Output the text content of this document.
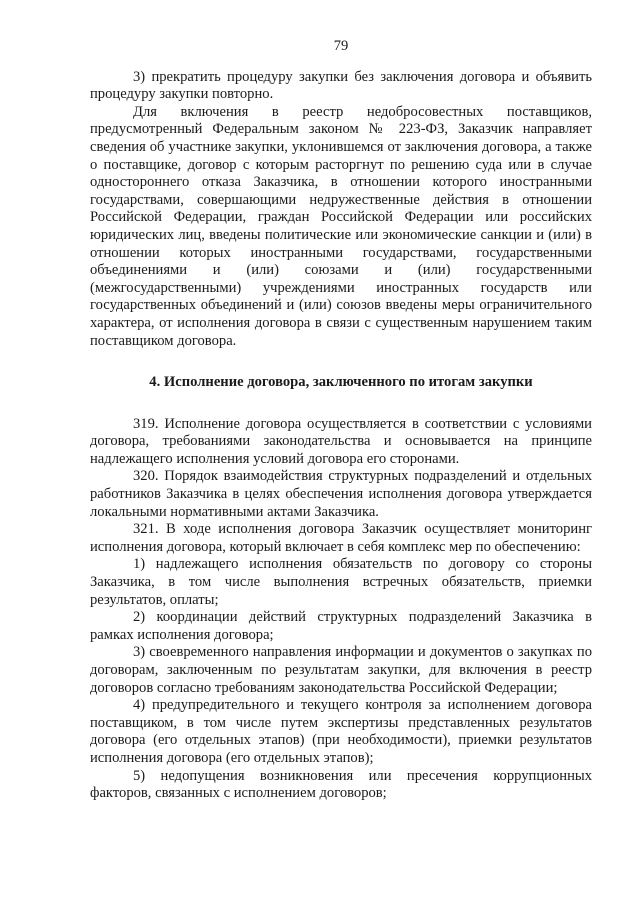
79

3) прекратить процедуру закупки без заключения договора и объявить процедуру закупки повторно.

Для включения в реестр недобросовестных поставщиков, предусмотренный Федеральным законом № 223-ФЗ, Заказчик направляет сведения об участнике закупки, уклонившемся от заключения договора, а также о поставщике, договор с которым расторгнут по решению суда или в случае одностороннего отказа Заказчика, в отношении которого иностранными государствами, совершающими недружественные действия в отношении Российской Федерации, граждан Российской Федерации или российских юридических лиц, введены политические или экономические санкции и (или) в отношении которых иностранными государствами, государственными объединениями и (или) союзами и (или) государственными (межгосударственными) учреждениями иностранных государств или государственных объединений и (или) союзов введены меры ограничительного характера, от исполнения договора в связи с существенным нарушением таким поставщиком договора.

4. Исполнение договора, заключенного по итогам закупки

319. Исполнение договора осуществляется в соответствии с условиями договора, требованиями законодательства и основывается на принципе надлежащего исполнения условий договора его сторонами.

320. Порядок взаимодействия структурных подразделений и отдельных работников Заказчика в целях обеспечения исполнения договора утверждается локальными нормативными актами Заказчика.

321. В ходе исполнения договора Заказчик осуществляет мониторинг исполнения договора, который включает в себя комплекс мер по обеспечению:

1) надлежащего исполнения обязательств по договору со стороны Заказчика, в том числе выполнения встречных обязательств, приемки результатов, оплаты;

2) координации действий структурных подразделений Заказчика в рамках исполнения договора;

3) своевременного направления информации и документов о закупках по договорам, заключенным по результатам закупки, для включения в реестр договоров согласно требованиям законодательства Российской Федерации;

4) предупредительного и текущего контроля за исполнением договора поставщиком, в том числе путем экспертизы представленных результатов договора (его отдельных этапов) (при необходимости), приемки результатов исполнения договора (его отдельных этапов);

5) недопущения возникновения или пресечения коррупционных факторов, связанных с исполнением договоров;
